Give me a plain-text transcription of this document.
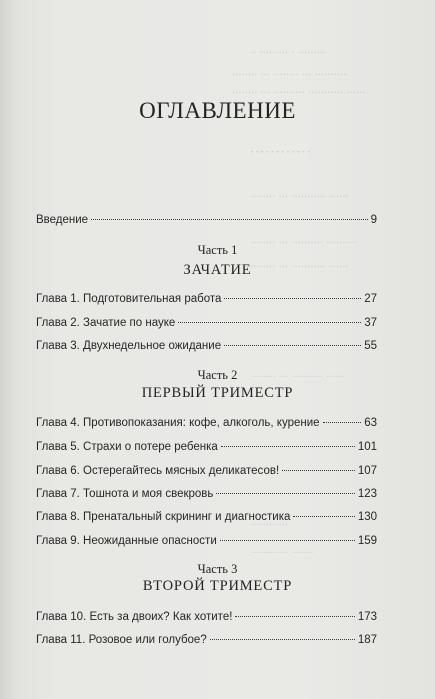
·· ········· · ·········
········ ··· ········ ··· ··········
········ ··· ·········· ··········· ······
············
········ ··· ··········· ······
········ ··· ·········· ··········
········ ··· ··········· ······
········ ··· ·········· ······
············
············ ·······
ОГЛАВЛЕНИЕ
Введение	9
Часть 1
ЗАЧАТИЕ
Глава 1. Подготовительная работа	27
Глава 2. Зачатие по науке	37
Глава 3. Двухнедельное ожидание	55
Часть 2
ПЕРВЫЙ ТРИМЕСТР
Глава 4. Противопоказания: кофе, алкоголь, курение	63
Глава 5. Страхи о потере ребенка	101
Глава 6. Остерегайтесь мясных деликатесов!	107
Глава 7. Тошнота и моя свекровь	123
Глава 8. Пренатальный скрининг и диагностика	130
Глава 9. Неожиданные опасности	159
Часть 3
ВТОРОЙ ТРИМЕСТР
Глава 10. Есть за двоих? Как хотите!	173
Глава 11. Розовое или голубое?	187
